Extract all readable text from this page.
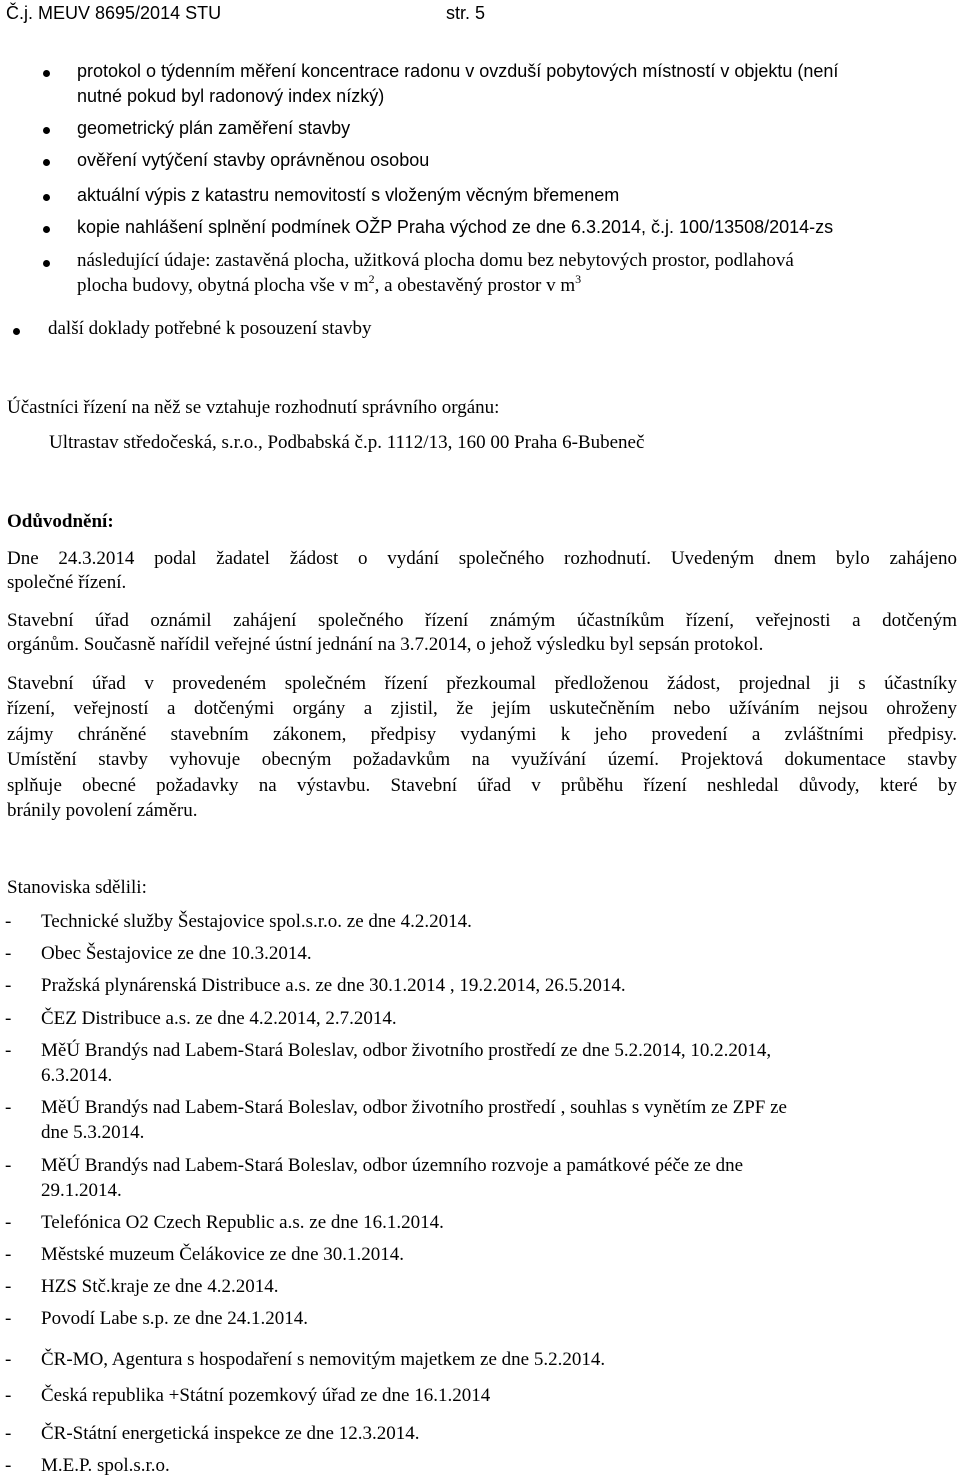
Č.j. MEUV 8695/2014 STU	str. 5
protokol o týdenním měření koncentrace radonu v ovzduší pobytových místností v objektu (není
nutné pokud byl radonový index nízký)
geometrický plán zaměření stavby
ověření vytýčení stavby oprávněnou osobou
aktuální výpis z katastru nemovitostí s vloženým věcným břemenem
kopie nahlášení splnění podmínek OŽP Praha východ ze dne 6.3.2014, č.j. 100/13508/2014-zs
následující údaje: zastavěná plocha, užitková plocha domu bez nebytových prostor, podlahová
plocha budovy, obytná plocha vše v $m^2$, a obestavěný prostor v $m^3$
další doklady potřebné k posouzení stavby
Účastníci řízení na něž se vztahuje rozhodnutí správního orgánu:
Ultrastav středočeská, s.r.o., Podbabská č.p. 1112/13, 160 00 Praha 6-Bubeneč
Odůvodnění:
Dne 24.3.2014 podal žadatel žádost o vydání společného rozhodnutí. Uvedeným dnem bylo zahájeno
společné řízení.
Stavební úřad oznámil zahájení společného řízení známým účastníkům řízení, veřejnosti a dotčeným
orgánům. Současně nařídil veřejné ústní jednání na 3.7.2014, o jehož výsledku byl sepsán protokol.
Stavební úřad v provedeném společném řízení přezkoumal předloženou žádost, projednal ji s účastníky
řízení, veřejností a dotčenými orgány a zjistil, že jejím uskutečněním nebo užíváním nejsou ohroženy
zájmy chráněné stavebním zákonem, předpisy vydanými k jeho provedení a zvláštními předpisy.
Umístění stavby vyhovuje obecným požadavkům na využívání území. Projektová dokumentace stavby
splňuje obecné požadavky na výstavbu. Stavební úřad v průběhu řízení neshledal důvody, které by
bránily povolení záměru.
Stanoviska sdělili:
- Technické služby Šestajovice spol.s.r.o. ze dne 4.2.2014.
- Obec Šestajovice ze dne 10.3.2014.
- Pražská plynárenská Distribuce a.s. ze dne 30.1.2014 , 19.2.2014, 26.5.2014.
- ČEZ Distribuce a.s. ze dne 4.2.2014, 2.7.2014.
- MěÚ Brandýs nad Labem-Stará Boleslav, odbor životního prostředí ze dne 5.2.2014, 10.2.2014,
6.3.2014.
- MěÚ Brandýs nad Labem-Stará Boleslav, odbor životního prostředí , souhlas s vynětím ze ZPF ze
dne 5.3.2014.
- MěÚ Brandýs nad Labem-Stará Boleslav, odbor územního rozvoje a památkové péče ze dne
29.1.2014.
- Telefónica O2 Czech Republic a.s. ze dne 16.1.2014.
- Městské muzeum Čelákovice ze dne 30.1.2014.
- HZS Stč.kraje ze dne 4.2.2014.
- Povodí Labe s.p. ze dne 24.1.2014.
- ČR-MO, Agentura s hospodaření s nemovitým majetkem ze dne 5.2.2014.
- Česká republika +Státní pozemkový úřad ze dne 16.1.2014
- ČR-Státní energetická inspekce ze dne 12.3.2014.
- M.E.P. spol.s.r.o.
